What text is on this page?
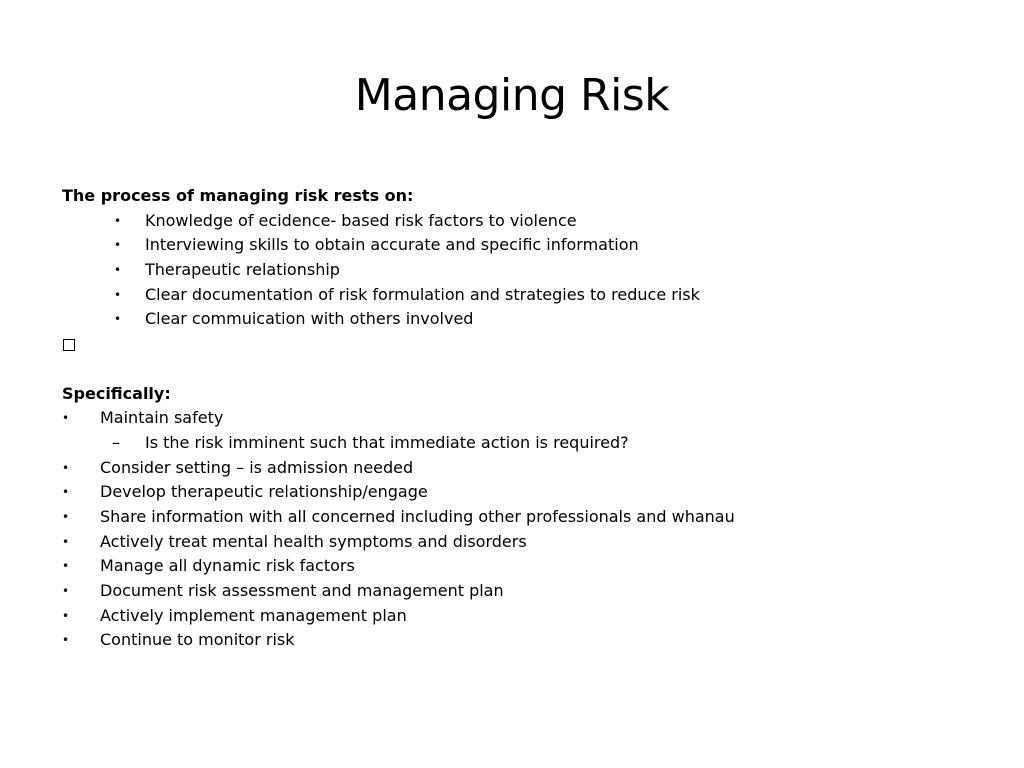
Managing Risk
The process of managing risk rests on:
• Knowledge of ecidence- based risk factors to violence
• Interviewing skills to obtain accurate and specific information
• Therapeutic relationship
• Clear documentation of risk formulation and strategies to reduce risk
• Clear commuication with others involved
Specifically:
• Maintain safety
– Is the risk imminent such that immediate action is required?
• Consider setting – is admission needed
• Develop therapeutic relationship/engage
• Share information with all concerned including other professionals and whanau
• Actively treat mental health symptoms and disorders
• Manage all dynamic risk factors
• Document risk assessment and management plan
• Actively implement management plan
• Continue to monitor risk
